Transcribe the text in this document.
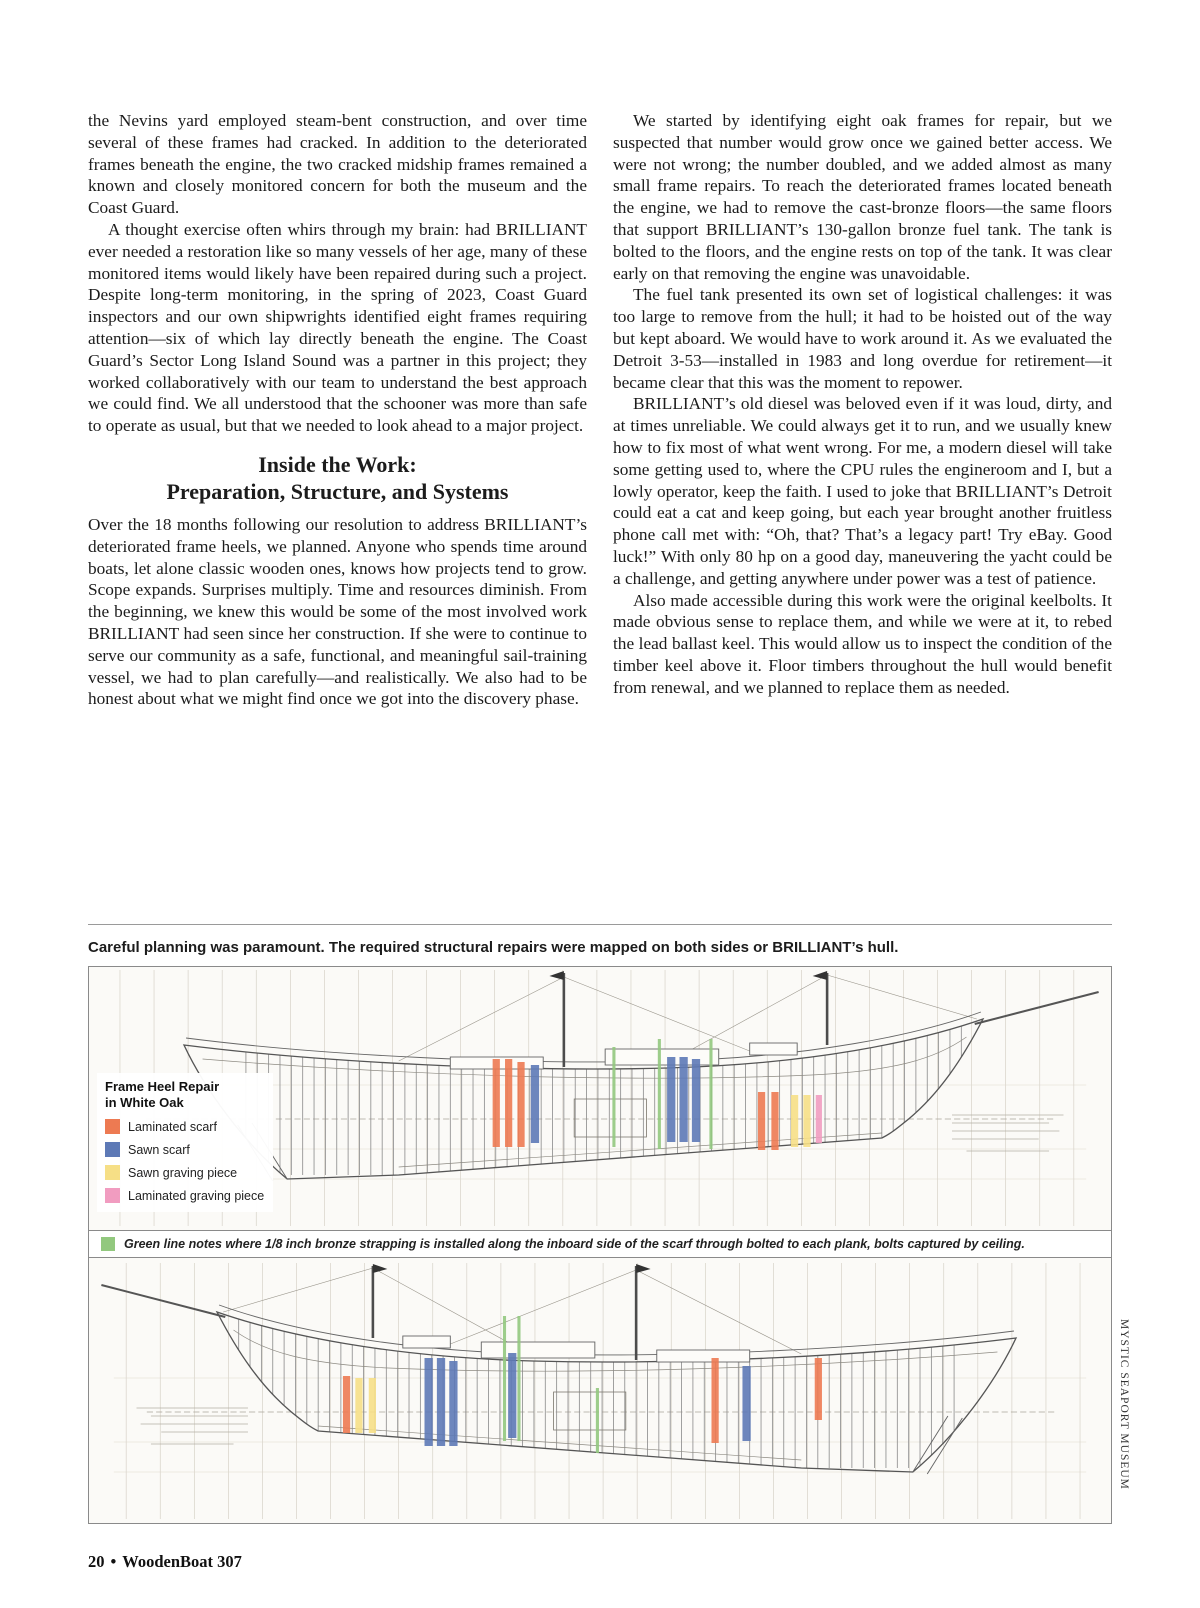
the Nevins yard employed steam-bent construction, and over time several of these frames had cracked. In addition to the deteriorated frames beneath the engine, the two cracked midship frames remained a known and closely monitored concern for both the museum and the Coast Guard.

A thought exercise often whirs through my brain: had BRILLIANT ever needed a restoration like so many vessels of her age, many of these monitored items would likely have been repaired during such a project. Despite long-term monitoring, in the spring of 2023, Coast Guard inspectors and our own shipwrights identified eight frames requiring attention—six of which lay directly beneath the engine. The Coast Guard’s Sector Long Island Sound was a partner in this project; they worked collaboratively with our team to understand the best approach we could find. We all understood that the schooner was more than safe to operate as usual, but that we needed to look ahead to a major project.

Inside the Work:
Preparation, Structure, and Systems

Over the 18 months following our resolution to address BRILLIANT’s deteriorated frame heels, we planned. Anyone who spends time around boats, let alone classic wooden ones, knows how projects tend to grow. Scope expands. Surprises multiply. Time and resources diminish. From the beginning, we knew this would be some of the most involved work BRILLIANT had seen since her construction. If she were to continue to serve our community as a safe, functional, and meaningful sail-training vessel, we had to plan carefully—and realistically. We also had to be honest about what we might find once we got into the discovery phase.

We started by identifying eight oak frames for repair, but we suspected that number would grow once we gained better access. We were not wrong; the number doubled, and we added almost as many small frame repairs. To reach the deteriorated frames located beneath the engine, we had to remove the cast-bronze floors—the same floors that support BRILLIANT’s 130-gallon bronze fuel tank. The tank is bolted to the floors, and the engine rests on top of the tank. It was clear early on that removing the engine was unavoidable.

The fuel tank presented its own set of logistical challenges: it was too large to remove from the hull; it had to be hoisted out of the way but kept aboard. We would have to work around it. As we evaluated the Detroit 3-53—installed in 1983 and long overdue for retirement—it became clear that this was the moment to repower.

BRILLIANT’s old diesel was beloved even if it was loud, dirty, and at times unreliable. We could always get it to run, and we usually knew how to fix most of what went wrong. For me, a modern diesel will take some getting used to, where the CPU rules the engineroom and I, but a lowly operator, keep the faith. I used to joke that BRILLIANT’s Detroit could eat a cat and keep going, but each year brought another fruitless phone call met with: “Oh, that? That’s a legacy part! Try eBay. Good luck!” With only 80 hp on a good day, maneuvering the yacht could be a challenge, and getting anywhere under power was a test of patience.

Also made accessible during this work were the original keelbolts. It made obvious sense to replace them, and while we were at it, to rebed the lead ballast keel. This would allow us to inspect the condition of the timber keel above it. Floor timbers throughout the hull would benefit from renewal, and we planned to replace them as needed.

Careful planning was paramount. The required structural repairs were mapped on both sides or BRILLIANT’s hull.
Green line notes where 1/8 inch bronze strapping is installed along the inboard side of the scarf through bolted to each plank, bolts captured by ceiling.
Frame Heel Repair
in White Oak
Laminated scarf
Sawn scarf
Sawn graving piece
Laminated graving piece
MYSTIC SEAPORT MUSEUM
20 • WoodenBoat 307
